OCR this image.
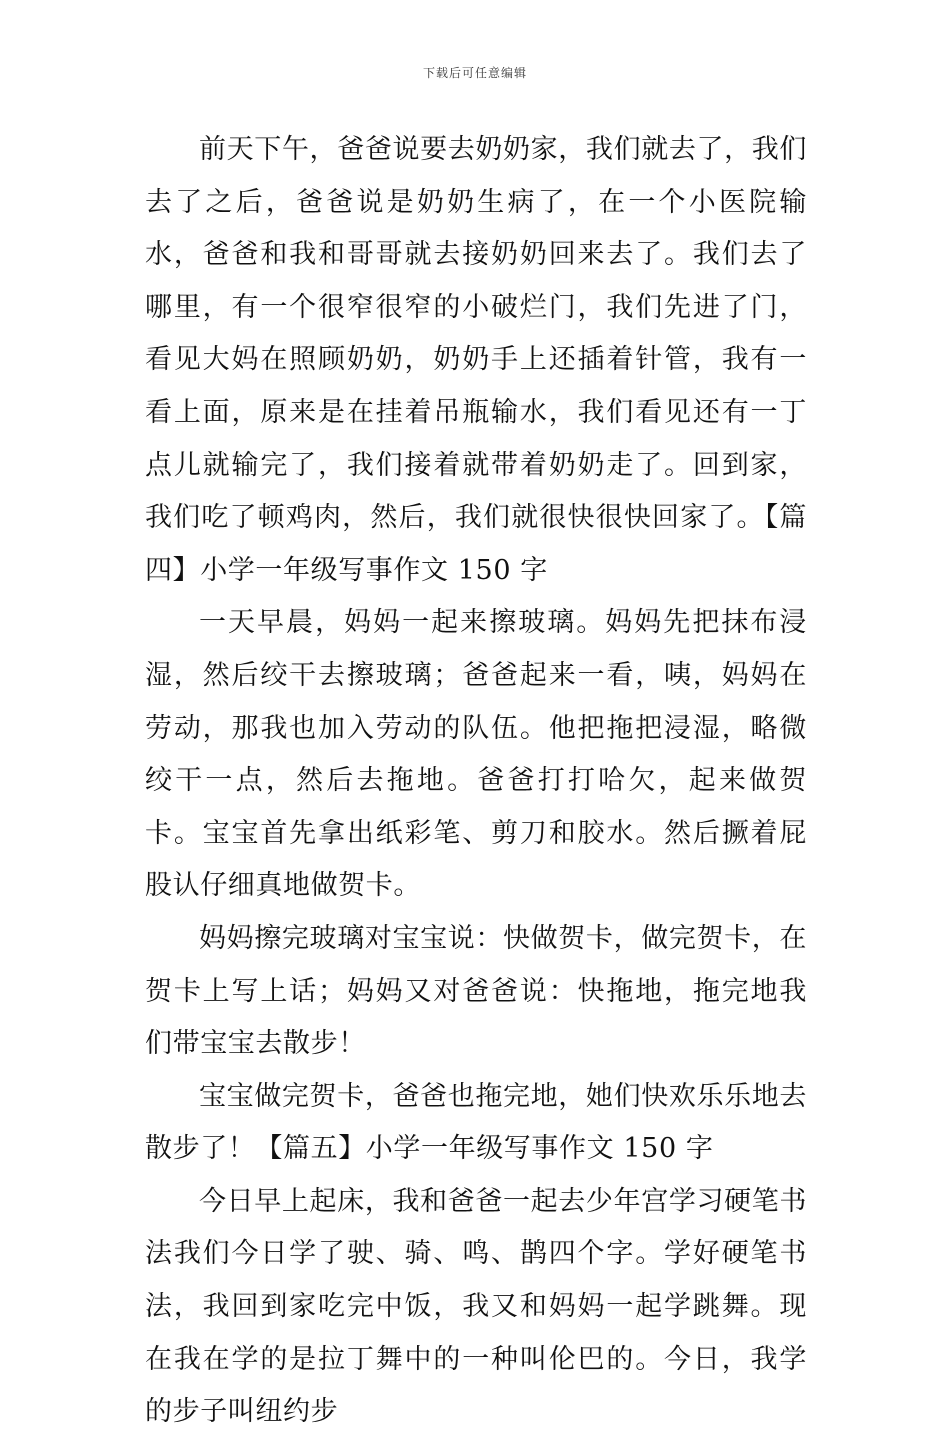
下载后可任意编辑

前天下午，爸爸说要去奶奶家，我们就去了，我们去了之后，爸爸说是奶奶生病了，在一个小医院输水，爸爸和我和哥哥就去接奶奶回来去了。我们去了哪里，有一个很窄很窄的小破烂门，我们先进了门，看见大妈在照顾奶奶，奶奶手上还插着针管，我有一看上面，原来是在挂着吊瓶输水，我们看见还有一丁点儿就输完了，我们接着就带着奶奶走了。回到家，我们吃了顿鸡肉，然后，我们就很快很快回家了。【篇四】小学一年级写事作文 150 字

一天早晨，妈妈一起来擦玻璃。妈妈先把抹布浸湿，然后绞干去擦玻璃；爸爸起来一看，咦，妈妈在劳动，那我也加入劳动的队伍。他把拖把浸湿，略微绞干一点，然后去拖地。爸爸打打哈欠，起来做贺卡。宝宝首先拿出纸彩笔、剪刀和胶水。然后撅着屁股认仔细真地做贺卡。

妈妈擦完玻璃对宝宝说：快做贺卡，做完贺卡，在贺卡上写上话；妈妈又对爸爸说：快拖地，拖完地我们带宝宝去散步！

宝宝做完贺卡，爸爸也拖完地，她们快欢乐乐地去散步了！【篇五】小学一年级写事作文 150 字

今日早上起床，我和爸爸一起去少年宫学习硬笔书法我们今日学了驶、骑、鸣、鹊四个字。学好硬笔书法，我回到家吃完中饭，我又和妈妈一起学跳舞。现在我在学的是拉丁舞中的一种叫伦巴的。今日，我学的步子叫纽约步
